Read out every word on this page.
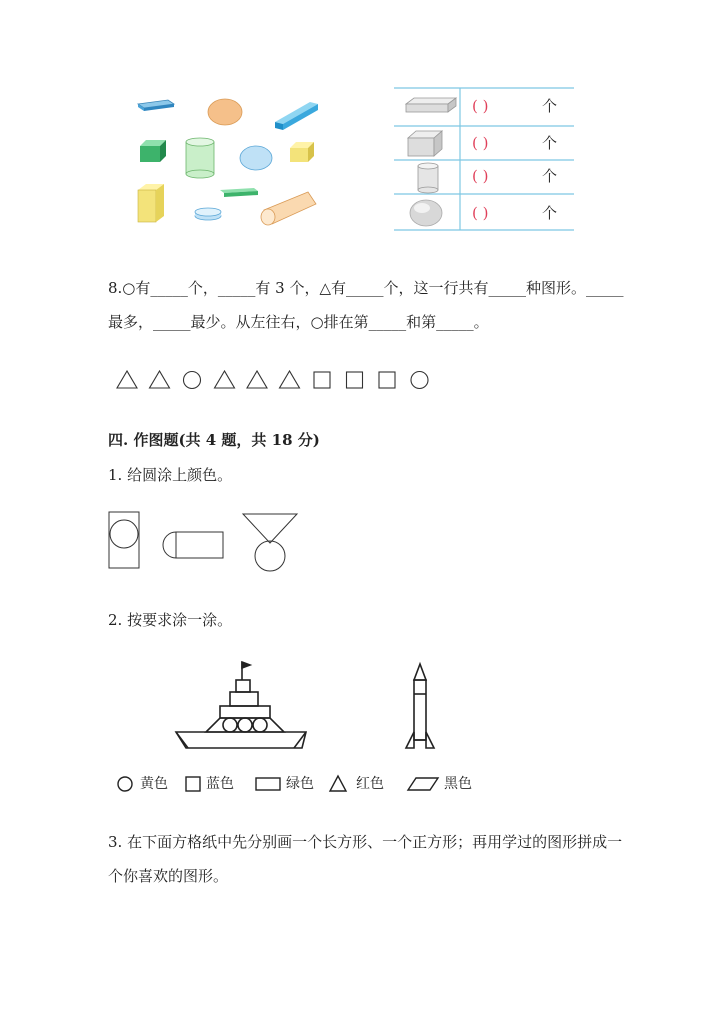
( )	个
( )	个
( )	个
( )	个
8.○有_____个，_____有 3 个，△有_____个，这一行共有_____种图形。_____
最多，_____最少。从左往右，○排在第_____和第_____。
四. 作图题(共 4 题，共 18 分)
1. 给圆涂上颜色。
2. 按要求涂一涂。
黄色	蓝色	绿色	红色	黑色
3. 在下面方格纸中先分别画一个长方形、一个正方形；再用学过的图形拼成一
个你喜欢的图形。
